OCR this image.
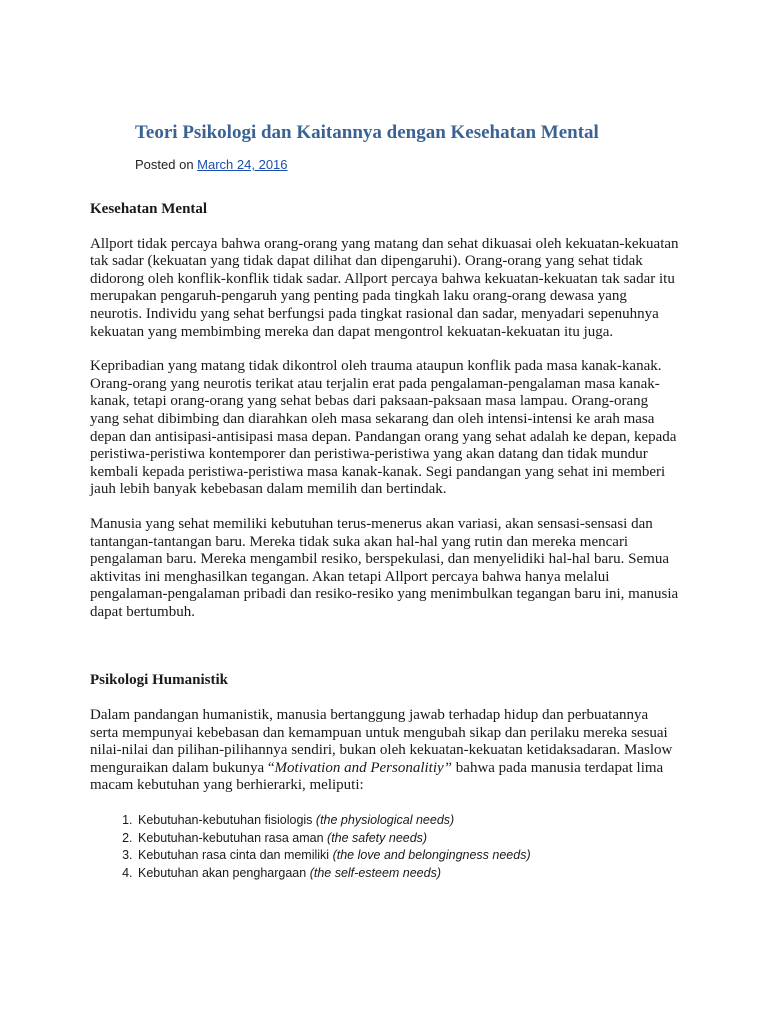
Teori Psikologi dan Kaitannya dengan Kesehatan Mental
Posted on March 24, 2016
Kesehatan Mental

Allport tidak percaya bahwa orang-orang yang matang dan sehat dikuasai oleh kekuatan-kekuatan tak sadar (kekuatan yang tidak dapat dilihat dan dipengaruhi). Orang-orang yang sehat tidak didorong oleh konflik-konflik tidak sadar. Allport percaya bahwa kekuatan-kekuatan tak sadar itu merupakan pengaruh-pengaruh yang penting pada tingkah laku orang-orang dewasa yang neurotis. Individu yang sehat berfungsi pada tingkat rasional dan sadar, menyadari sepenuhnya kekuatan yang membimbing mereka dan dapat mengontrol kekuatan-kekuatan itu juga.

Kepribadian yang matang tidak dikontrol oleh trauma ataupun konflik pada masa kanak-kanak. Orang-orang yang neurotis terikat atau terjalin erat pada pengalaman-pengalaman masa kanak-kanak, tetapi orang-orang yang sehat bebas dari paksaan-paksaan masa lampau. Orang-orang yang sehat dibimbing dan diarahkan oleh masa sekarang dan oleh intensi-intensi ke arah masa depan dan antisipasi-antisipasi masa depan. Pandangan orang yang sehat adalah ke depan, kepada peristiwa-peristiwa kontemporer dan peristiwa-peristiwa yang akan datang dan tidak mundur kembali kepada peristiwa-peristiwa masa kanak-kanak. Segi pandangan yang sehat ini memberi jauh lebih banyak kebebasan dalam memilih dan bertindak.

Manusia yang sehat memiliki kebutuhan terus-menerus akan variasi, akan sensasi-sensasi dan tantangan-tantangan baru. Mereka tidak suka akan hal-hal yang rutin dan mereka mencari pengalaman baru. Mereka mengambil resiko, berspekulasi, dan menyelidiki hal-hal baru. Semua aktivitas ini menghasilkan tegangan. Akan tetapi Allport percaya bahwa hanya melalui pengalaman-pengalaman pribadi dan resiko-resiko yang menimbulkan tegangan baru ini, manusia dapat bertumbuh.

Psikologi Humanistik

Dalam pandangan humanistik, manusia bertanggung jawab terhadap hidup dan perbuatannya serta mempunyai kebebasan dan kemampuan untuk mengubah sikap dan perilaku mereka sesuai nilai-nilai dan pilihan-pilihannya sendiri, bukan oleh kekuatan-kekuatan ketidaksadaran. Maslow menguraikan dalam bukunya “Motivation and Personalitiy” bahwa pada manusia terdapat lima macam kebutuhan yang berhierarki, meliputi:

1. Kebutuhan-kebutuhan fisiologis (the physiological needs)
2. Kebutuhan-kebutuhan rasa aman (the safety needs)
3. Kebutuhan rasa cinta dan memiliki (the love and belongingness needs)
4. Kebutuhan akan penghargaan (the self-esteem needs)
